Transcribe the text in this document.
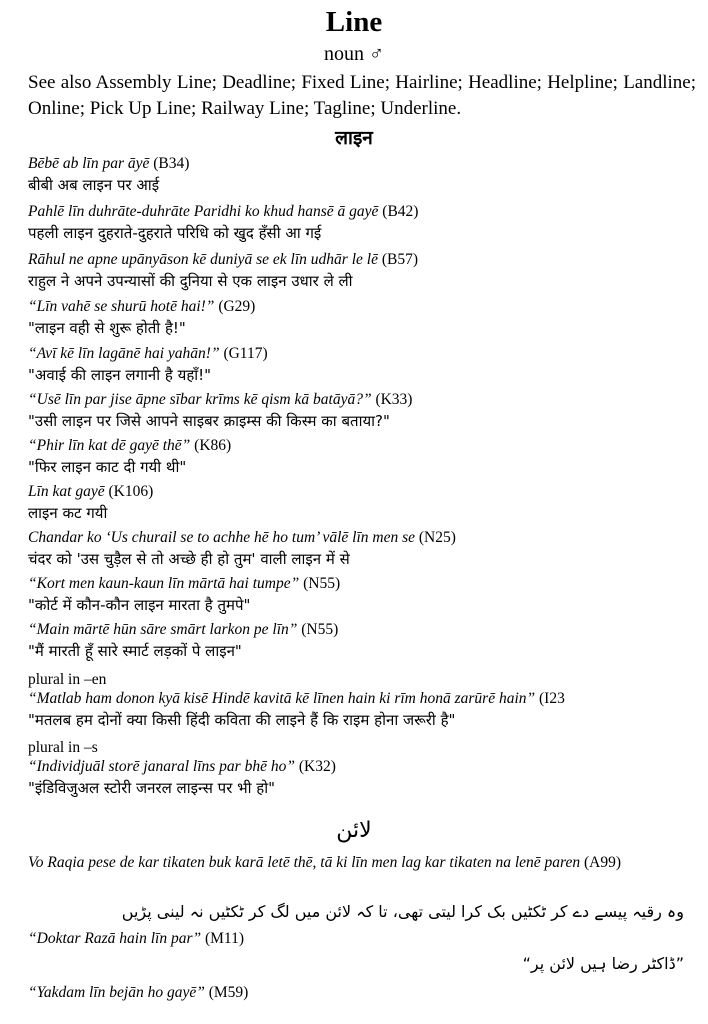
Line
noun ♂
See also Assembly Line; Deadline; Fixed Line; Hairline; Headline; Helpline; Landline; Online; Pick Up Line; Railway Line; Tagline; Underline.
लाइन
Bēbē ab līn par āyē (B34)
बीबी अब लाइन पर आई
Pahlē līn duhrāte-duhrāte Paridhi ko khud hansē ā gayē (B42)
पहली लाइन दुहराते-दुहराते परिधि को खुद हँसी आ गई
Rāhul ne apne upānyāson kē duniyā se ek līn udhār le lē (B57)
राहुल ने अपने उपन्यासों की दुनिया से एक लाइन उधार ले ली
“Līn vahē se shurū hotē hai!” (G29)
"लाइन वही से शुरू होती है!"
“Avī kē līn lagānē hai yahān!” (G117)
"अवाई की लाइन लगानी है यहाँ!"
“Usē līn par jise āpne sībar krīms kē qism kā batāyā?” (K33)
"उसी लाइन पर जिसे आपने साइबर क्राइम्स की किस्म का बताया?"
“Phir līn kat dē gayē thē” (K86)
"फिर लाइन काट दी गयी थी"
Līn kat gayē (K106)
लाइन कट गयी
Chandar ko ‘Us churail se to achhe hē ho tum’ vālē līn men se (N25)
चंदर को 'उस चुड़ैल से तो अच्छे ही हो तुम' वाली लाइन में से
“Kort men kaun-kaun līn mārtā hai tumpe” (N55)
"कोर्ट में कौन-कौन लाइन मारता है तुमपे"
“Main mārtē hūn sāre smārt larkon pe līn” (N55)
"मैं मारती हूँ सारे स्मार्ट लड़कों पे लाइन"
plural in –en
“Matlab ham donon kyā kisē Hindē kavitā kē līnen hain ki rīm honā zarūrē hain” (I23
"मतलब हम दोनों क्या किसी हिंदी कविता की लाइने हैं कि राइम होना जरूरी है"
plural in –s
“Individjuāl storē janaral līns par bhē ho” (K32)
"इंडिविजुअल स्टोरी जनरल लाइन्स पर भी हो"
لائن
Vo Raqia pese de kar tikaten buk karā letē thē, tā ki līn men lag kar tikaten na lenē paren (A99)
وہ رقیہ پیسے دے کر ٹکٹیں بک کرا لیتی تھی، تا کہ لائن میں لگ کر ٹکٹیں نہ لینی پڑیں
“Doktar Razā hain līn par” (M11)
”ڈاکٹر رضا ہیں لائن پر“
“Yakdam līn bejān ho gayē” (M59)
